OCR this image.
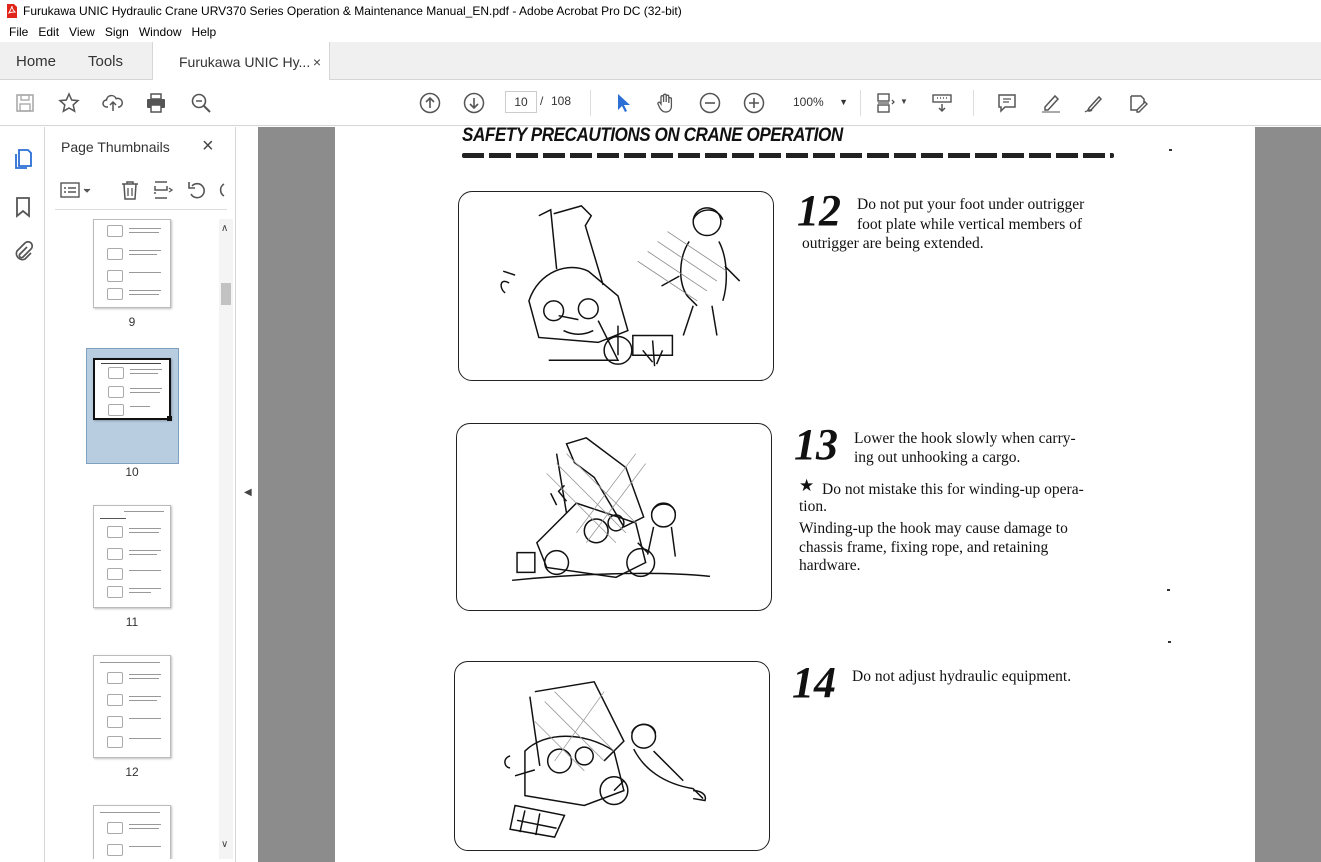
Furukawa UNIC Hydraulic Crane URV370 Series Operation & Maintenance Manual_EN.pdf - Adobe Acrobat Pro DC (32-bit)
File Edit View Sign Window Help
Home Tools	Furukawa UNIC Hy... ×
10	/ 108	100% ▼	▼
Page Thumbnails ×
9
10
11
12
∧
∨
◀
SAFETY PRECAUTIONS ON CRANE OPERATION
12 Do not put your foot under outrigger
foot plate while vertical members of
outrigger are being extended.
13 Lower the hook slowly when carry-
ing out unhooking a cargo.
★ Do not mistake this for winding-up opera-
tion.
Winding-up the hook may cause damage to
chassis frame, fixing rope, and retaining
hardware.
14 Do not adjust hydraulic equipment.
